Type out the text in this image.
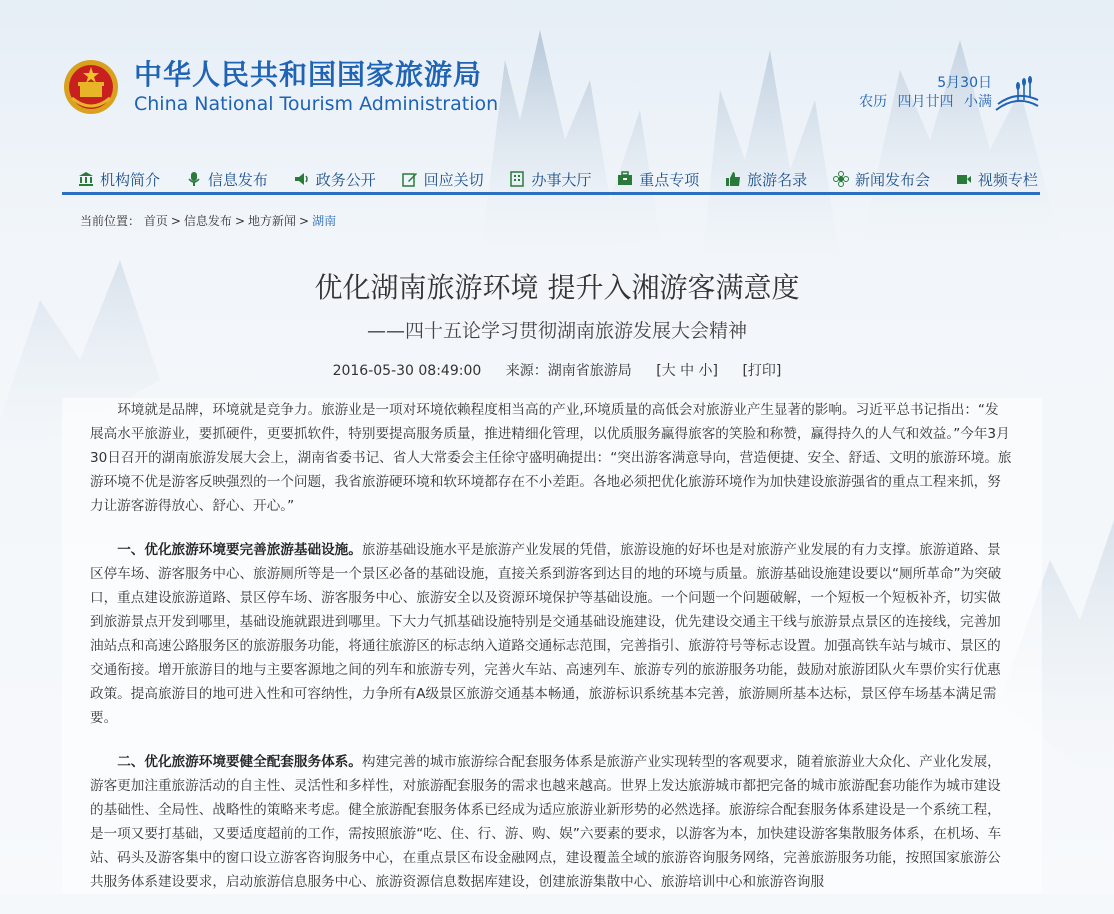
中华人民共和国国家旅游局
China National Tourism Administration
5月30日
农历 四月廿四 小满
机构简介	信息发布	政务公开	回应关切	办事大厅	重点专项	旅游名录	新闻发布会	视频专栏
当前位置： 首页 > 信息发布 > 地方新闻 > 湖南
优化湖南旅游环境 提升入湘游客满意度
——四十五论学习贯彻湖南旅游发展大会精神
2016-05-30 08:49:00 来源：湖南省旅游局 [大 中 小] [打印]

环境就是品牌，环境就是竞争力。旅游业是一项对环境依赖程度相当高的产业,环境质量的高低会对旅游业产生显著的影响。习近平总书记指出：“发展高水平旅游业，要抓硬件，更要抓软件，特别要提高服务质量，推进精细化管理，以优质服务赢得旅客的笑脸和称赞，赢得持久的人气和效益。”今年3月30日召开的湖南旅游发展大会上，湖南省委书记、省人大常委会主任徐守盛明确提出：“突出游客满意导向，营造便捷、安全、舒适、文明的旅游环境。旅游环境不优是游客反映强烈的一个问题，我省旅游硬环境和软环境都存在不小差距。各地必须把优化旅游环境作为加快建设旅游强省的重点工程来抓，努力让游客游得放心、舒心、开心。”

一、优化旅游环境要完善旅游基础设施。旅游基础设施水平是旅游产业发展的凭借，旅游设施的好坏也是对旅游产业发展的有力支撑。旅游道路、景区停车场、游客服务中心、旅游厕所等是一个景区必备的基础设施，直接关系到游客到达目的地的环境与质量。旅游基础设施建设要以“厕所革命”为突破口，重点建设旅游道路、景区停车场、游客服务中心、旅游安全以及资源环境保护等基础设施。一个问题一个问题破解，一个短板一个短板补齐，切实做到旅游景点开发到哪里，基础设施就跟进到哪里。下大力气抓基础设施特别是交通基础设施建设，优先建设交通主干线与旅游景点景区的连接线，完善加油站点和高速公路服务区的旅游服务功能，将通往旅游区的标志纳入道路交通标志范围，完善指引、旅游符号等标志设置。加强高铁车站与城市、景区的交通衔接。增开旅游目的地与主要客源地之间的列车和旅游专列，完善火车站、高速列车、旅游专列的旅游服务功能，鼓励对旅游团队火车票价实行优惠政策。提高旅游目的地可进入性和可容纳性，力争所有A级景区旅游交通基本畅通，旅游标识系统基本完善，旅游厕所基本达标，景区停车场基本满足需要。

二、优化旅游环境要健全配套服务体系。构建完善的城市旅游综合配套服务体系是旅游产业实现转型的客观要求，随着旅游业大众化、产业化发展，游客更加注重旅游活动的自主性、灵活性和多样性，对旅游配套服务的需求也越来越高。世界上发达旅游城市都把完备的城市旅游配套功能作为城市建设的基础性、全局性、战略性的策略来考虑。健全旅游配套服务体系已经成为适应旅游业新形势的必然选择。旅游综合配套服务体系建设是一个系统工程，是一项又要打基础，又要适度超前的工作，需按照旅游“吃、住、行、游、购、娱”六要素的要求，以游客为本，加快建设游客集散服务体系，在机场、车站、码头及游客集中的窗口设立游客咨询服务中心，在重点景区布设金融网点，建设覆盖全域的旅游咨询服务网络，完善旅游服务功能，按照国家旅游公共服务体系建设要求，启动旅游信息服务中心、旅游资源信息数据库建设，创建旅游集散中心、旅游培训中心和旅游咨询服
